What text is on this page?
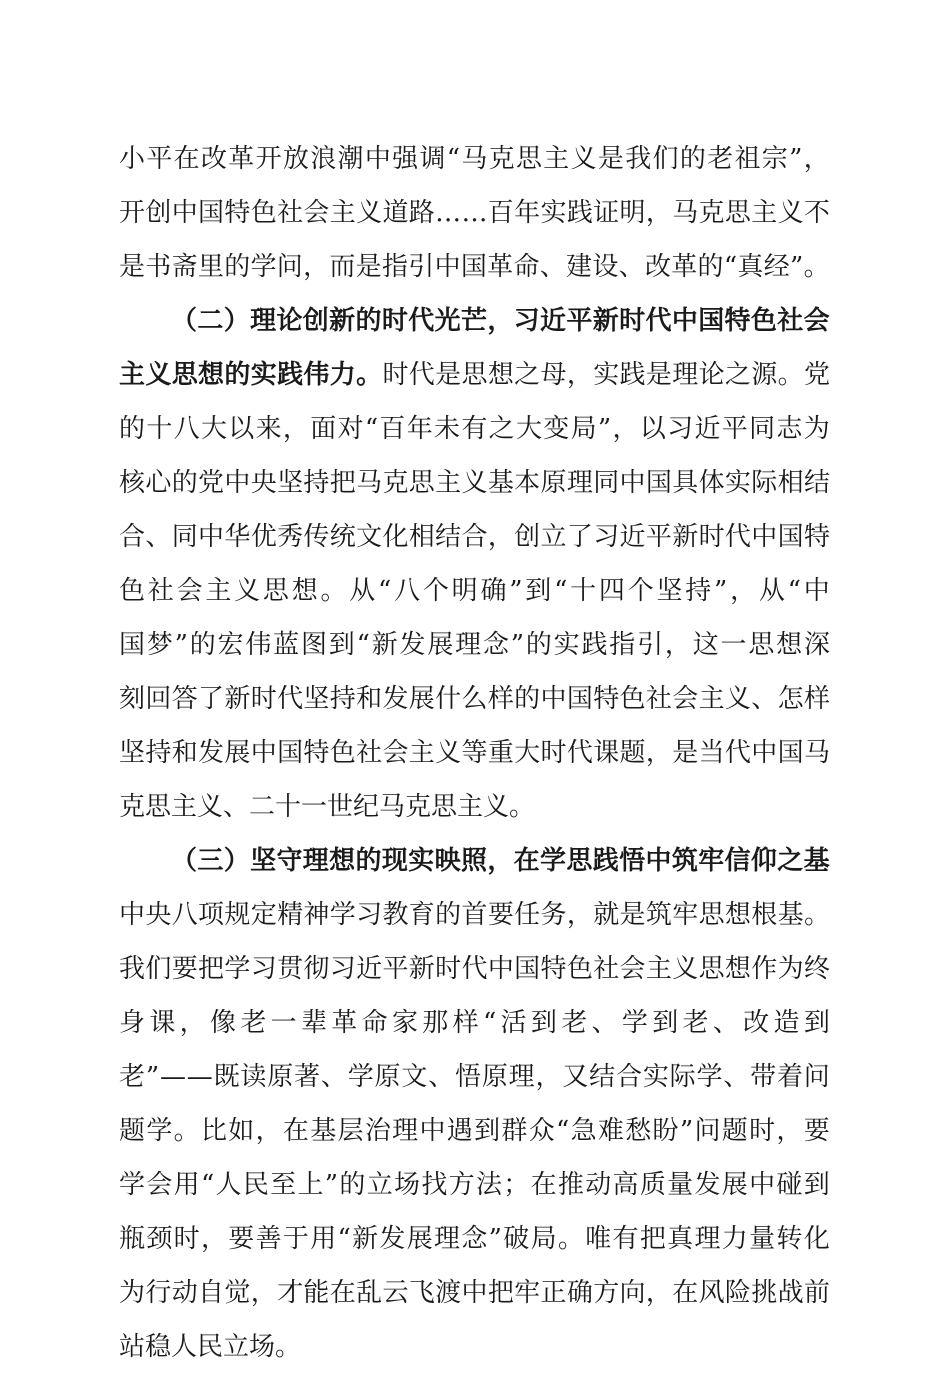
小 平 在 改 革 开 放 浪 潮 中 强 调 “ 马 克 思 主 义 是 我 们 的 老 祖 宗 ” ，
开 创 中 国 特 色 社 会 主 义 道 路 … … 百 年 实 践 证 明 ， 马 克 思 主 义 不
是 书 斋 里 的 学 问 ， 而 是 指 引 中 国 革 命 、 建 设 、 改 革 的 “ 真 经 ” 。
（ 二 ） 理 论 创 新 的 时 代 光 芒 ， 习 近 平 新 时 代 中 国 特 色 社 会
主 义 思 想 的 实 践 伟 力 。 时 代 是 思 想 之 母 ， 实 践 是 理 论 之 源 。 党
的 十 八 大 以 来 ， 面 对 “ 百 年 未 有 之 大 变 局 ” ， 以 习 近 平 同 志 为
核 心 的 党 中 央 坚 持 把 马 克 思 主 义 基 本 原 理 同 中 国 具 体 实 际 相 结
合 、 同 中 华 优 秀 传 统 文 化 相 结 合 ， 创 立 了 习 近 平 新 时 代 中 国 特
色 社 会 主 义 思 想 。 从 “ 八 个 明 确 ” 到 “ 十 四 个 坚 持 ” ， 从 “ 中
国 梦 ” 的 宏 伟 蓝 图 到 “ 新 发 展 理 念 ” 的 实 践 指 引 ， 这 一 思 想 深
刻 回 答 了 新 时 代 坚 持 和 发 展 什 么 样 的 中 国 特 色 社 会 主 义 、 怎 样
坚 持 和 发 展 中 国 特 色 社 会 主 义 等 重 大 时 代 课 题 ， 是 当 代 中 国 马
克思主义、二十一世纪马克思主义。
（ 三 ） 坚 守 理 想 的 现 实 映 照 ， 在 学 思 践 悟 中 筑 牢 信 仰 之 基
中 央 八 项 规 定 精 神 学 习 教 育 的 首 要 任 务 ， 就 是 筑 牢 思 想 根 基 。
我 们 要 把 学 习 贯 彻 习 近 平 新 时 代 中 国 特 色 社 会 主 义 思 想 作 为 终
身 课 ， 像 老 一 辈 革 命 家 那 样 “ 活 到 老 、 学 到 老 、 改 造 到
老 ” — — 既 读 原 著 、 学 原 文 、 悟 原 理 ， 又 结 合 实 际 学 、 带 着 问
题 学 。 比 如 ， 在 基 层 治 理 中 遇 到 群 众 “ 急 难 愁 盼 ” 问 题 时 ， 要
学 会 用 “ 人 民 至 上 ” 的 立 场 找 方 法 ； 在 推 动 高 质 量 发 展 中 碰 到
瓶 颈 时 ， 要 善 于 用 “ 新 发 展 理 念 ” 破 局 。 唯 有 把 真 理 力 量 转 化
为 行 动 自 觉 ， 才 能 在 乱 云 飞 渡 中 把 牢 正 确 方 向 ， 在 风 险 挑 战 前
站稳人民立场。
